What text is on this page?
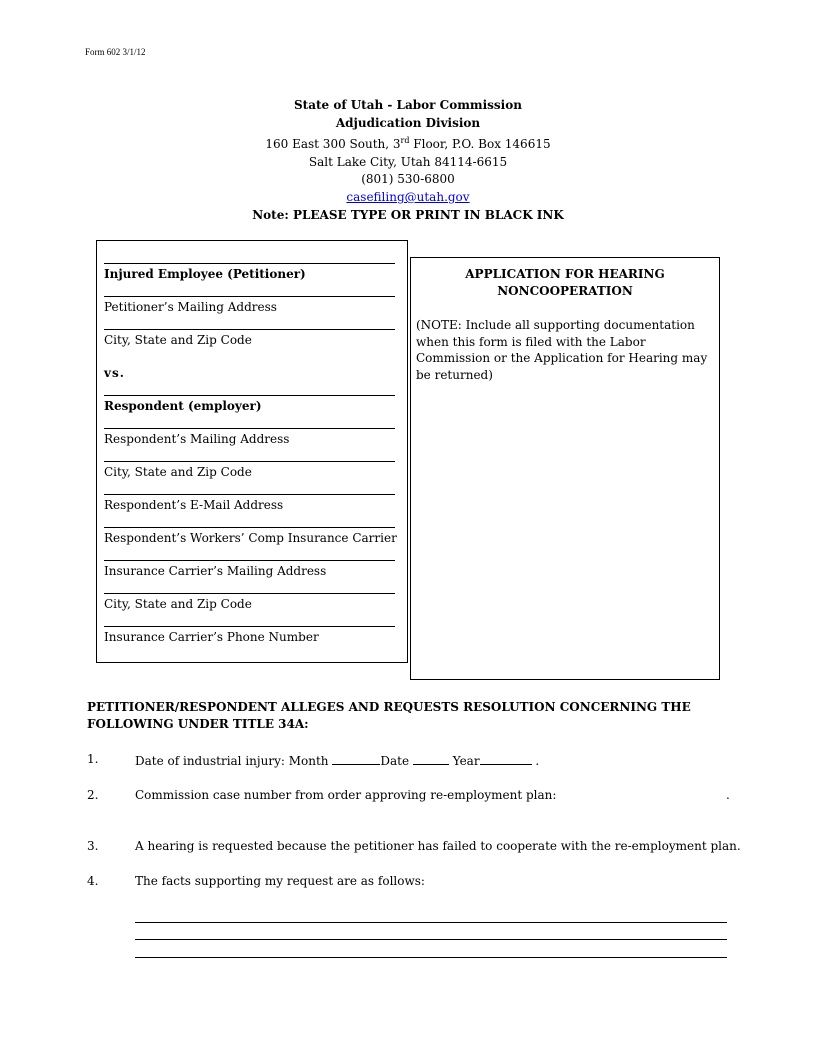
Form 602 3/1/12
State of Utah - Labor Commission
Adjudication Division
160 East 300 South, 3rd Floor, P.O. Box 146615
Salt Lake City, Utah 84114-6615
(801) 530-6800
casefiling@utah.gov
Note: PLEASE TYPE OR PRINT IN BLACK INK
Injured Employee (Petitioner)
Petitioner’s Mailing Address
City, State and Zip Code
vs.
Respondent (employer)
Respondent’s Mailing Address
City, State and Zip Code
Respondent’s E-Mail Address
Respondent’s Workers’ Comp Insurance Carrier
Insurance Carrier’s Mailing Address
City, State and Zip Code
Insurance Carrier’s Phone Number
APPLICATION FOR HEARING
NONCOOPERATION
(NOTE: Include all supporting documentation when this form is filed with the Labor Commission or the Application for Hearing may be returned)
PETITIONER/RESPONDENT ALLEGES AND REQUESTS RESOLUTION CONCERNING THE FOLLOWING UNDER TITLE 34A:
1.	Date of industrial injury: Month	Date	Year	.
2.	Commission case number from order approving re-employment plan:	.
3.	A hearing is requested because the petitioner has failed to cooperate with the re-employment plan.
4.	The facts supporting my request are as follows:
